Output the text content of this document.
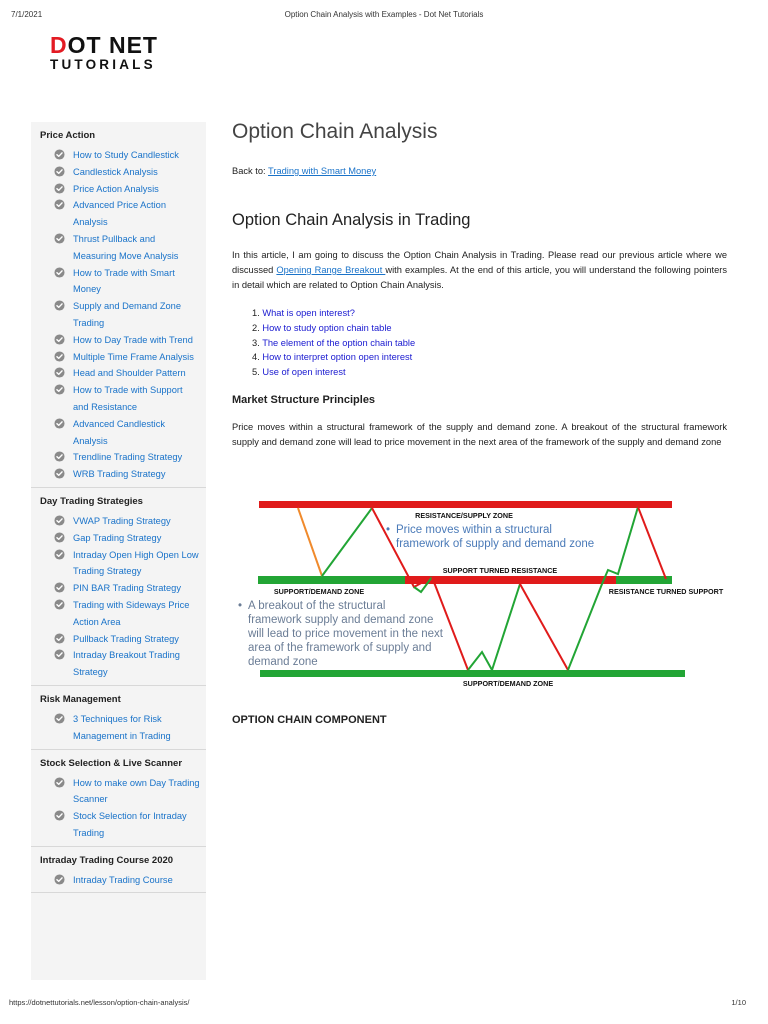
7/1/2021	Option Chain Analysis with Examples - Dot Net Tutorials
DOT NET
TUTORIALS
Price Action
How to Study Candlestick
Candlestick Analysis
Price Action Analysis
Advanced Price Action Analysis
Thrust Pullback and Measuring Move Analysis
How to Trade with Smart Money
Supply and Demand Zone Trading
How to Day Trade with Trend
Multiple Time Frame Analysis
Head and Shoulder Pattern
How to Trade with Support and Resistance
Advanced Candlestick Analysis
Trendline Trading Strategy
WRB Trading Strategy
Day Trading Strategies
VWAP Trading Strategy
Gap Trading Strategy
Intraday Open High Open Low Trading Strategy
PIN BAR Trading Strategy
Trading with Sideways Price Action Area
Pullback Trading Strategy
Intraday Breakout Trading Strategy
Risk Management
3 Techniques for Risk Management in Trading
Stock Selection & Live Scanner
How to make own Day Trading Scanner
Stock Selection for Intraday Trading
Intraday Trading Course 2020
Intraday Trading Course
Option Chain Analysis
Back to: Trading with Smart Money
Option Chain Analysis in Trading

In this article, I am going to discuss the Option Chain Analysis in Trading. Please read our previous article where we discussed Opening Range Breakout with examples. At the end of this article, you will understand the following pointers in detail which are related to Option Chain Analysis.

1. What is open interest?
2. How to study option chain table
3. The element of the option chain table
4. How to interpret option open interest
5. Use of open interest
Market Structure Principles

Price moves within a structural framework of the supply and demand zone. A breakout of the structural framework supply and demand zone will lead to price movement in the next area of the framework of the supply and demand zone

RESISTANCE/SUPPLY ZONE
SUPPORT/DEMAND ZONE
SUPPORT TURNED RESISTANCE
RESISTANCE TURNED SUPPORT
SUPPORT/DEMAND ZONE
• Price moves within a structural
framework of supply and demand zone
• A breakout of the structural
framework supply and demand zone
will lead to price movement in the next
area of the framework of supply and
demand zone
OPTION CHAIN COMPONENT
https://dotnettutorials.net/lesson/option-chain-analysis/	1/10
